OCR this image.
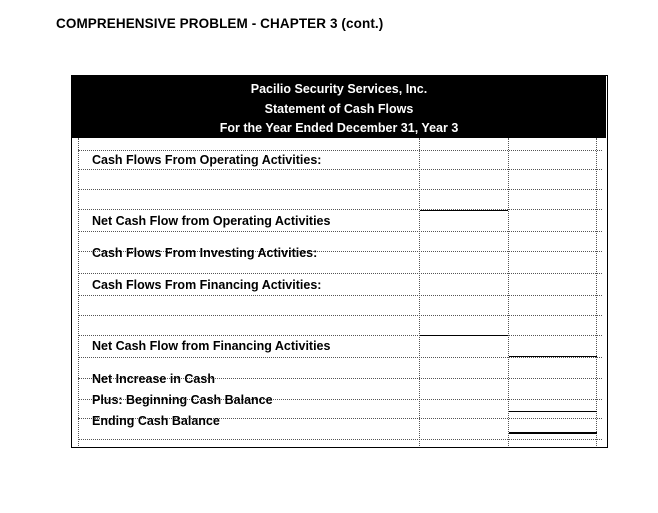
COMPREHENSIVE PROBLEM - CHAPTER 3 (cont.)
Pacilio Security Services, Inc.
Statement of Cash Flows
For the Year Ended December 31, Year 3
Cash Flows From Operating Activities:
Net Cash Flow from Operating Activities
Cash Flows From Investing Activities:
Cash Flows From Financing Activities:
Net Cash Flow from Financing Activities
Net Increase in Cash
Plus: Beginning Cash Balance
Ending Cash Balance
